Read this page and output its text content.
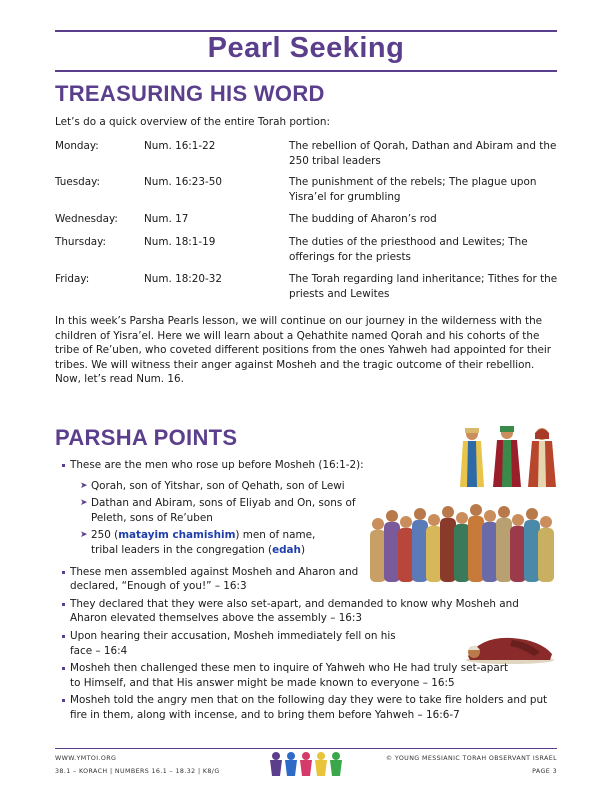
Pearl Seeking
TREASURING HIS WORD
Let’s do a quick overview of the entire Torah portion:
Monday:	Num. 16:1-22	The rebellion of Qorah, Dathan and Abiram and the 250 tribal leaders
Tuesday:	Num. 16:23-50	The punishment of the rebels; The plague upon Yisra’el for grumbling
Wednesday:	Num. 17	The budding of Aharon’s rod
Thursday:	Num. 18:1-19	The duties of the priesthood and Lewites; The offerings for the priests
Friday:	Num. 18:20-32	The Torah regarding land inheritance; Tithes for the priests and Lewites
In this week’s Parsha Pearls lesson, we will continue on our journey in the wilderness with the children of Yisra’el. Here we will learn about a Qehathite named Qorah and his cohorts of the tribe of Re’uben, who coveted different positions from the ones Yahweh had appointed for their tribes. We will witness their anger against Mosheh and the tragic outcome of their rebellion. Now, let’s read Num. 16.
PARSHA POINTS
These are the men who rose up before Mosheh (16:1-2):
➤ Qorah, son of Yitshar, son of Qehath, son of Lewi
➤ Dathan and Abiram, sons of Eliyab and On, sons of Peleth, sons of Re’uben
➤ 250 (matayim chamishim) men of name, tribal leaders in the congregation (edah)
These men assembled against Mosheh and Aharon and declared, “Enough of you!” – 16:3
They declared that they were also set-apart, and demanded to know why Mosheh and Aharon elevated themselves above the assembly – 16:3
Upon hearing their accusation, Mosheh immediately fell on his face – 16:4
Mosheh then challenged these men to inquire of Yahweh who He had truly set-apart to Himself, and that His answer might be made known to everyone – 16:5
Mosheh told the angry men that on the following day they were to take fire holders and put fire in them, along with incense, and to bring them before Yahweh – 16:6-7
WWW.YMTOI.ORG
38.1 – KORACH | NUMBERS 16.1 – 18.32 | K8/G
© YOUNG MESSIANIC TORAH OBSERVANT ISRAEL
PAGE 3
